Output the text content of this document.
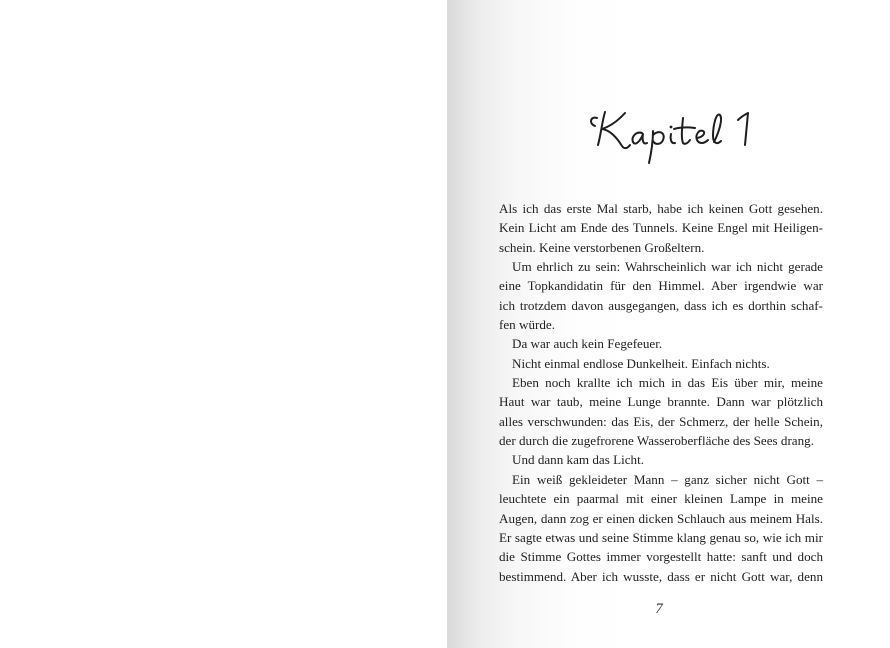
Als ich das erste Mal starb, habe ich keinen Gott gesehen.
Kein Licht am Ende des Tunnels. Keine Engel mit Heiligen-
schein. Keine verstorbenen Großeltern.
Um ehrlich zu sein: Wahrscheinlich war ich nicht gerade
eine Topkandidatin für den Himmel. Aber irgendwie war
ich trotzdem davon ausgegangen, dass ich es dorthin schaf-
fen würde.
Da war auch kein Fegefeuer.
Nicht einmal endlose Dunkelheit. Einfach nichts.
Eben noch krallte ich mich in das Eis über mir, meine
Haut war taub, meine Lunge brannte. Dann war plötzlich
alles verschwunden: das Eis, der Schmerz, der helle Schein,
der durch die zugefrorene Wasseroberfläche des Sees drang.
Und dann kam das Licht.
Ein weiß gekleideter Mann – ganz sicher nicht Gott –
leuchtete ein paarmal mit einer kleinen Lampe in meine
Augen, dann zog er einen dicken Schlauch aus meinem Hals.
Er sagte etwas und seine Stimme klang genau so, wie ich mir
die Stimme Gottes immer vorgestellt hatte: sanft und doch
bestimmend. Aber ich wusste, dass er nicht Gott war, denn
7
